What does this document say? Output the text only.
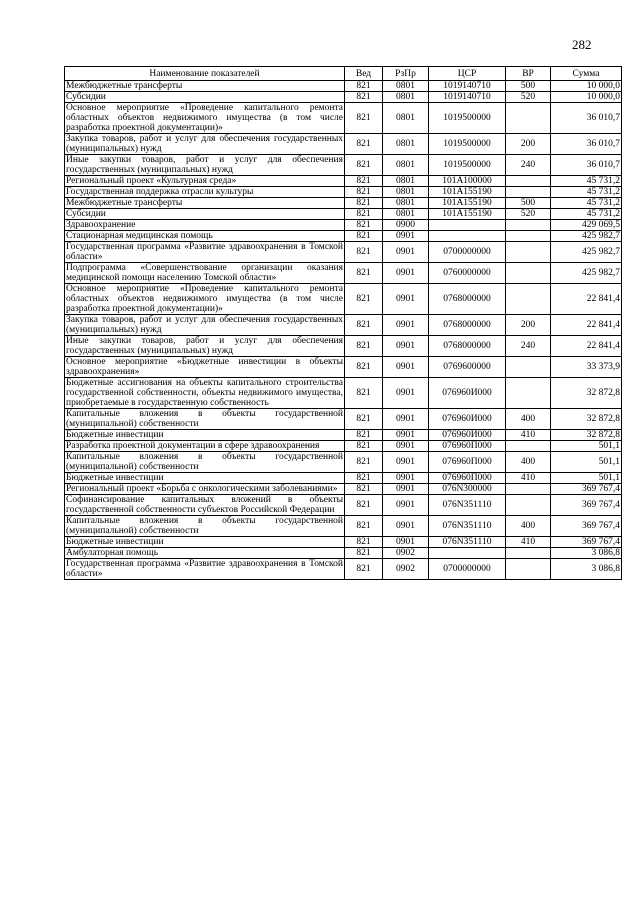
282
Наименование показателей	Вед	РзПр	ЦСР	ВР	Сумма
Межбюджетные трансферты	821	0801	1019140710	500	10 000,0
Субсидии	821	0801	1019140710	520	10 000,0
Основное мероприятие «Проведение капитального ремонта областных объектов недвижимого имущества (в том числе разработка проектной документации)»	821	0801	1019500000		36 010,7
Закупка товаров, работ и услуг для обеспечения государственных (муниципальных) нужд	821	0801	1019500000	200	36 010,7
Иные закупки товаров, работ и услуг для обеспечения государственных (муниципальных) нужд	821	0801	1019500000	240	36 010,7
Региональный проект «Культурная среда»	821	0801	101A100000		45 731,2
Государственная поддержка отрасли культуры	821	0801	101A155190		45 731,2
Межбюджетные трансферты	821	0801	101A155190	500	45 731,2
Субсидии	821	0801	101A155190	520	45 731,2
Здравоохранение	821	0900			429 069,5
Стационарная медицинская помощь	821	0901			425 982,7
Государственная программа «Развитие здравоохранения в Томской области»	821	0901	0700000000		425 982,7
Подпрограмма «Совершенствование организации оказания медицинской помощи населению Томской области»	821	0901	0760000000		425 982,7
Основное мероприятие «Проведение капитального ремонта областных объектов недвижимого имущества (в том числе разработка проектной документации)»	821	0901	0768000000		22 841,4
Закупка товаров, работ и услуг для обеспечения государственных (муниципальных) нужд	821	0901	0768000000	200	22 841,4
Иные закупки товаров, работ и услуг для обеспечения государственных (муниципальных) нужд	821	0901	0768000000	240	22 841,4
Основное мероприятие «Бюджетные инвестиции в объекты здравоохранения»	821	0901	0769600000		33 373,9
Бюджетные ассигнования на объекты капитального строительства государственной собственности, объекты недвижимого имущества, приобретаемые в государственную собственность	821	0901	076960И000		32 872,8
Капитальные вложения в объекты государственной (муниципальной) собственности	821	0901	076960И000	400	32 872,8
Бюджетные инвестиции	821	0901	076960И000	410	32 872,8
Разработка проектной документации в сфере здравоохранения	821	0901	076960П000		501,1
Капитальные вложения в объекты государственной (муниципальной) собственности	821	0901	076960П000	400	501,1
Бюджетные инвестиции	821	0901	076960П000	410	501,1
Региональный проект «Борьба с онкологическими заболеваниями»	821	0901	076N300000		369 767,4
Софинансирование капитальных вложений в объекты государственной собственности субъектов Российской Федерации	821	0901	076N351110		369 767,4
Капитальные вложения в объекты государственной (муниципальной) собственности	821	0901	076N351110	400	369 767,4
Бюджетные инвестиции	821	0901	076N351110	410	369 767,4
Амбулаторная помощь	821	0902			3 086,8
Государственная программа «Развитие здравоохранения в Томской области»	821	0902	0700000000		3 086,8
